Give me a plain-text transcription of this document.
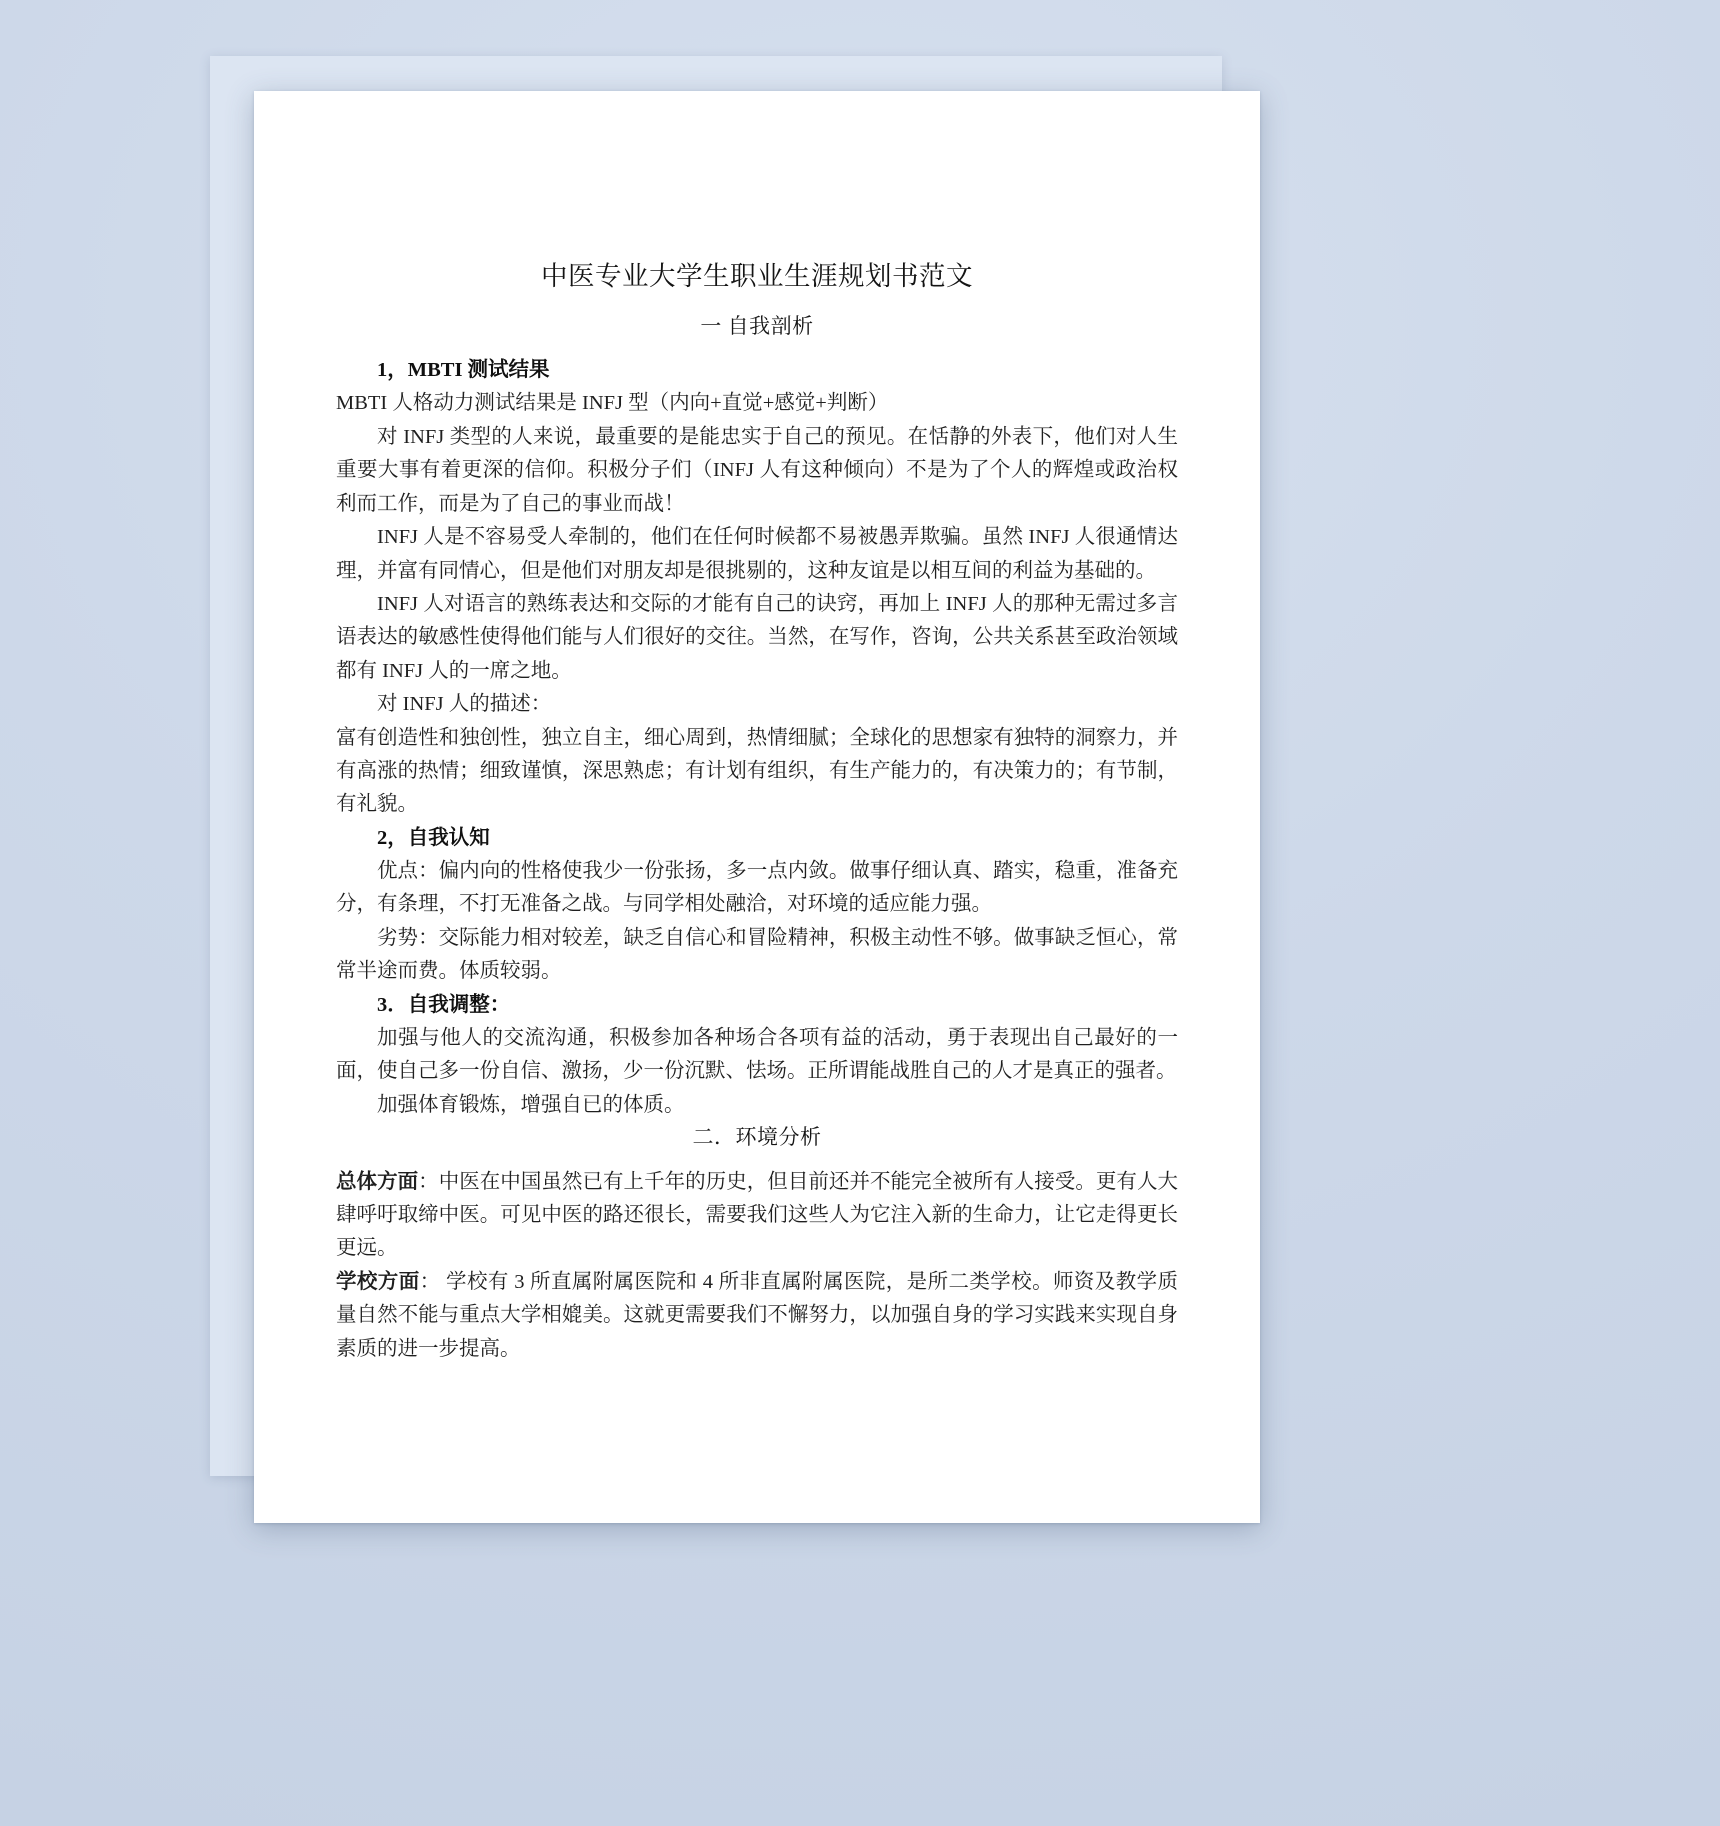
中医专业大学生职业生涯规划书范文
一 自我剖析
1，MBTI 测试结果

MBTI 人格动力测试结果是 INFJ 型（内向+直觉+感觉+判断）

对 INFJ 类型的人来说，最重要的是能忠实于自己的预见。在恬静的外表下，他们对人生重要大事有着更深的信仰。积极分子们（INFJ 人有这种倾向）不是为了个人的辉煌或政治权利而工作，而是为了自己的事业而战！

INFJ 人是不容易受人牵制的，他们在任何时候都不易被愚弄欺骗。虽然 INFJ 人很通情达理，并富有同情心，但是他们对朋友却是很挑剔的，这种友谊是以相互间的利益为基础的。

INFJ 人对语言的熟练表达和交际的才能有自己的诀窍，再加上 INFJ 人的那种无需过多言语表达的敏感性使得他们能与人们很好的交往。当然，在写作，咨询，公共关系甚至政治领域都有 INFJ 人的一席之地。

对 INFJ 人的描述：

富有创造性和独创性，独立自主，细心周到，热情细腻；全球化的思想家有独特的洞察力，并有高涨的热情；细致谨慎，深思熟虑；有计划有组织，有生产能力的，有决策力的；有节制，有礼貌。

2，自我认知

优点：偏内向的性格使我少一份张扬，多一点内敛。做事仔细认真、踏实，稳重，准备充分，有条理，不打无准备之战。与同学相处融洽，对环境的适应能力强。

劣势：交际能力相对较差，缺乏自信心和冒险精神，积极主动性不够。做事缺乏恒心，常常半途而费。体质较弱。

3．自我调整：

加强与他人的交流沟通，积极参加各种场合各项有益的活动，勇于表现出自己最好的一面，使自己多一份自信、激扬，少一份沉默、怯场。正所谓能战胜自己的人才是真正的强者。

加强体育锻炼，增强自已的体质。

二．环境分析

总体方面：中医在中国虽然已有上千年的历史，但目前还并不能完全被所有人接受。更有人大肆呼吁取缔中医。可见中医的路还很长，需要我们这些人为它注入新的生命力，让它走得更长更远。

学校方面： 学校有 3 所直属附属医院和 4 所非直属附属医院，是所二类学校。师资及教学质量自然不能与重点大学相媲美。这就更需要我们不懈努力，以加强自身的学习实践来实现自身素质的进一步提高。
